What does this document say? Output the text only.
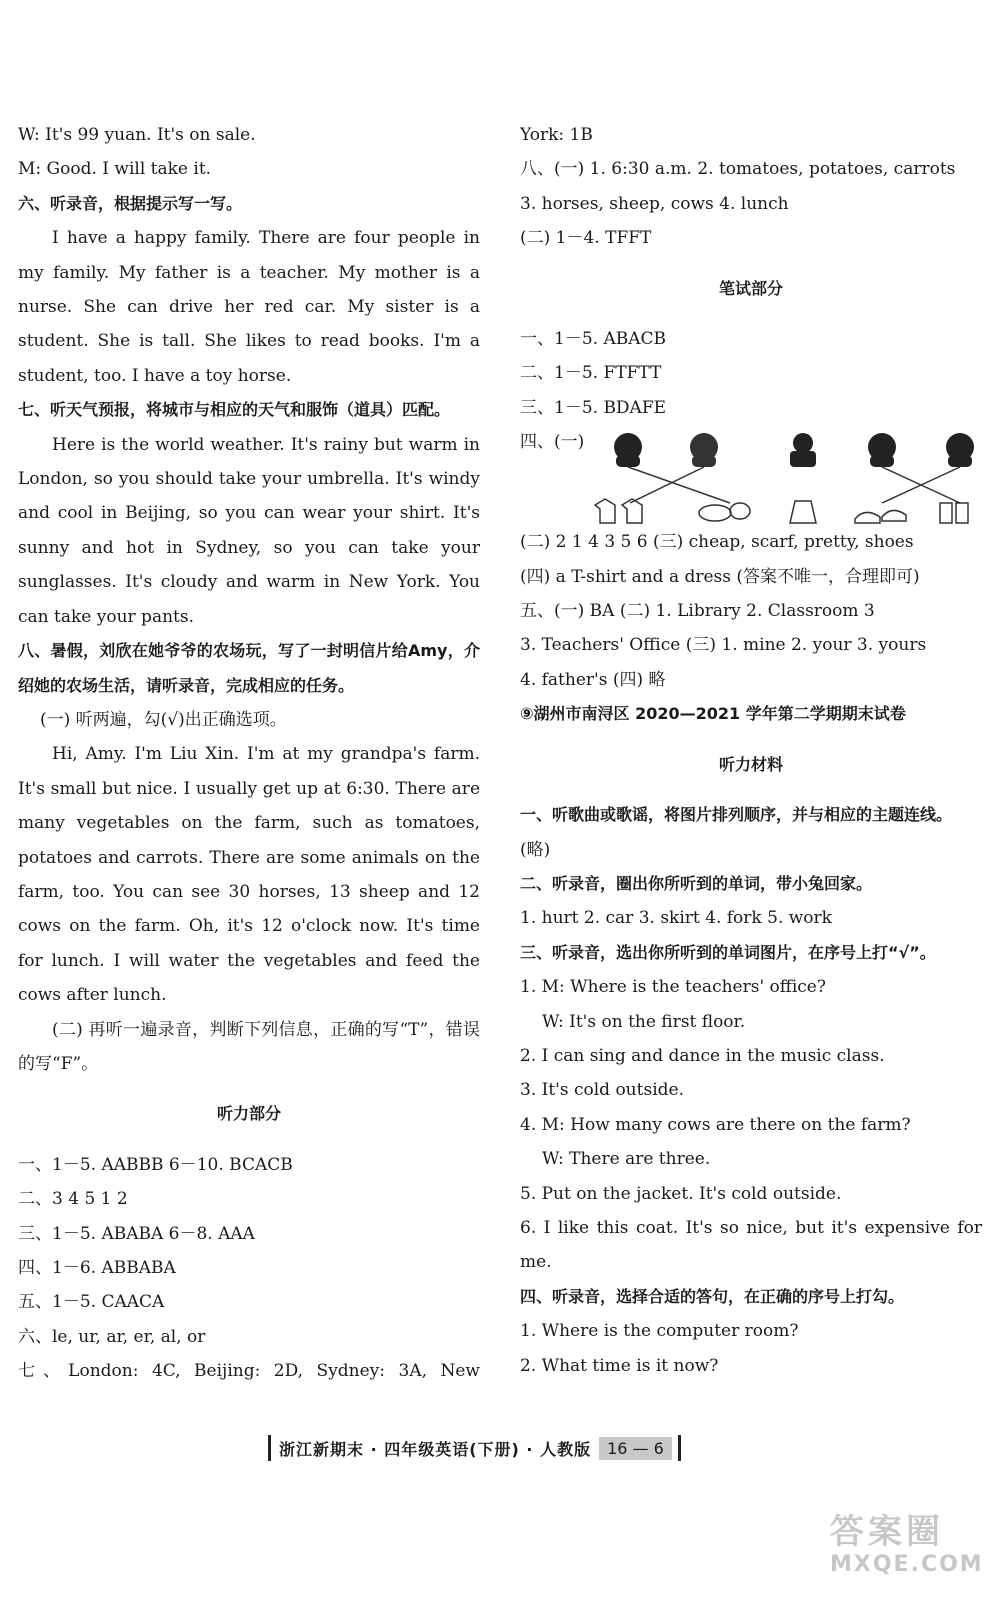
W: It's 99 yuan. It's on sale.

M: Good. I will take it.

六、听录音，根据提示写一写。

I have a happy family. There are four people in my family. My father is a teacher. My mother is a nurse. She can drive her red car. My sister is a student. She is tall. She likes to read books. I'm a student, too. I have a toy horse.

七、听天气预报，将城市与相应的天气和服饰（道具）匹配。

Here is the world weather. It's rainy but warm in London, so you should take your umbrella. It's windy and cool in Beijing, so you can wear your shirt. It's sunny and hot in Sydney, so you can take your sunglasses. It's cloudy and warm in New York. You can take your pants.

八、暑假，刘欣在她爷爷的农场玩，写了一封明信片给Amy，介绍她的农场生活，请听录音，完成相应的任务。

(一) 听两遍，勾(√)出正确选项。

Hi, Amy. I'm Liu Xin. I'm at my grandpa's farm. It's small but nice. I usually get up at 6:30. There are many vegetables on the farm, such as tomatoes, potatoes and carrots. There are some animals on the farm, too. You can see 30 horses, 13 sheep and 12 cows on the farm. Oh, it's 12 o'clock now. It's time for lunch. I will water the vegetables and feed the cows after lunch.

(二) 再听一遍录音，判断下列信息，正确的写“T”，错误的写“F”。

听力部分

一、1－5. AABBB 6－10. BCACB

二、3 4 5 1 2

三、1－5. ABABA 6－8. AAA

四、1－6. ABBABA

五、1－5. CAACA

六、le, ur, ar, er, al, or

七、London: 4C, Beijing: 2D, Sydney: 3A, New

York: 1B

八、(一) 1. 6:30 a.m. 2. tomatoes, potatoes, carrots

3. horses, sheep, cows 4. lunch

(二) 1－4. TFFT

笔试部分

一、1－5. ABACB

二、1－5. FTFTT

三、1－5. BDAFE

四、(一)

(二) 2 1 4 3 5 6 (三) cheap, scarf, pretty, shoes

(四) a T-shirt and a dress (答案不唯一，合理即可)

五、(一) BA (二) 1. Library 2. Classroom 3

3. Teachers' Office (三) 1. mine 2. your 3. yours

4. father's (四) 略

⑨湖州市南浔区 2020—2021 学年第二学期期末试卷

听力材料

一、听歌曲或歌谣，将图片排列顺序，并与相应的主题连线。

(略)

二、听录音，圈出你所听到的单词，带小兔回家。

1. hurt 2. car 3. skirt 4. fork 5. work

三、听录音，选出你所听到的单词图片，在序号上打“√”。

1. M: Where is the teachers' office?

W: It's on the first floor.

2. I can sing and dance in the music class.

3. It's cold outside.

4. M: How many cows are there on the farm?

W: There are three.

5. Put on the jacket. It's cold outside.

6. I like this coat. It's so nice, but it's expensive for me.

四、听录音，选择合适的答句，在正确的序号上打勾。

1. Where is the computer room?

2. What time is it now?

浙江新期末 · 四年级英语(下册) · 人教版	16 — 6
答案圈
MXQE.COM
